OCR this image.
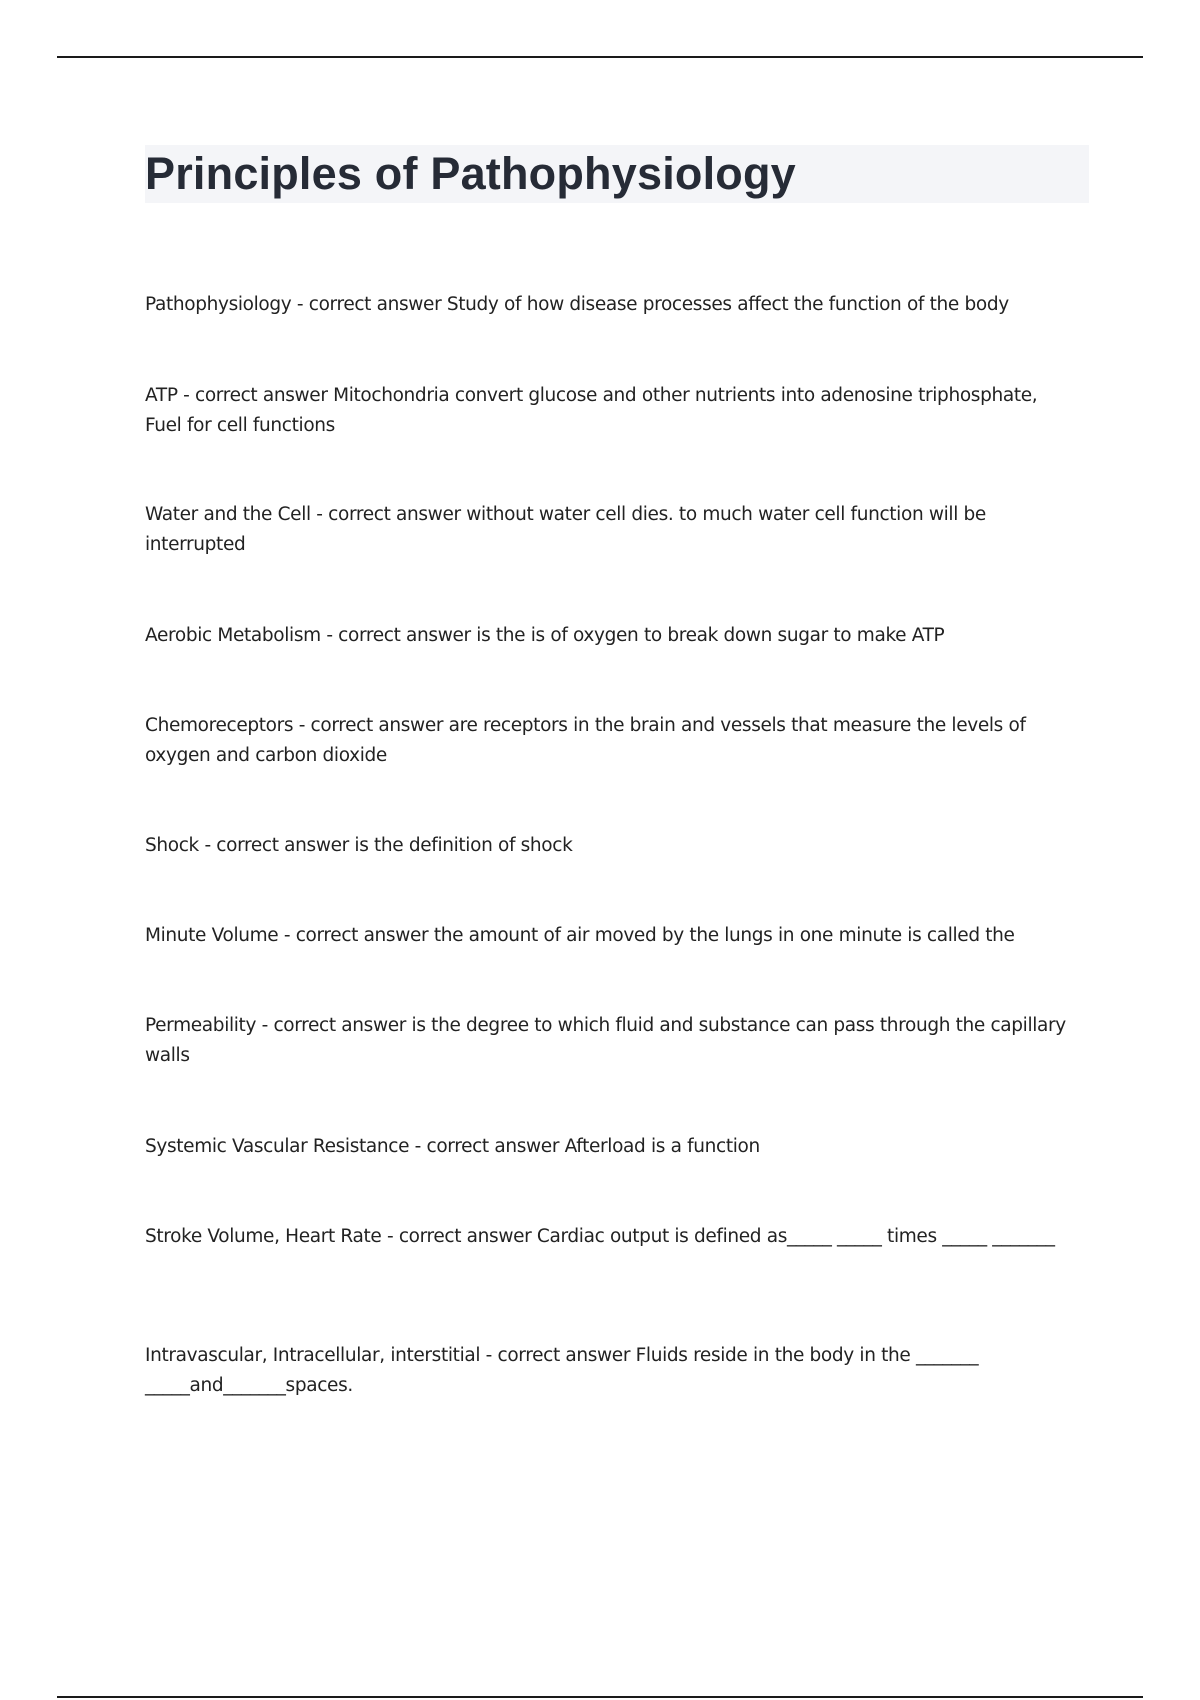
Principles of Pathophysiology
Pathophysiology - correct answer Study of how disease processes affect the function of the body
ATP - correct answer Mitochondria convert glucose and other nutrients into adenosine triphosphate, Fuel for cell functions
Water and the Cell - correct answer without water cell dies. to much water cell function will be interrupted
Aerobic Metabolism - correct answer is the is of oxygen to break down sugar to make ATP
Chemoreceptors - correct answer are receptors in the brain and vessels that measure the levels of oxygen and carbon dioxide
Shock - correct answer is the definition of shock
Minute Volume - correct answer the amount of air moved by the lungs in one minute is called the
Permeability - correct answer is the degree to which fluid and substance can pass through the capillary walls
Systemic Vascular Resistance - correct answer Afterload is a function
Stroke Volume, Heart Rate - correct answer Cardiac output is defined as_____ _____ times _____ _______
Intravascular, Intracellular, interstitial - correct answer Fluids reside in the body in the _______ _____and_______spaces.
